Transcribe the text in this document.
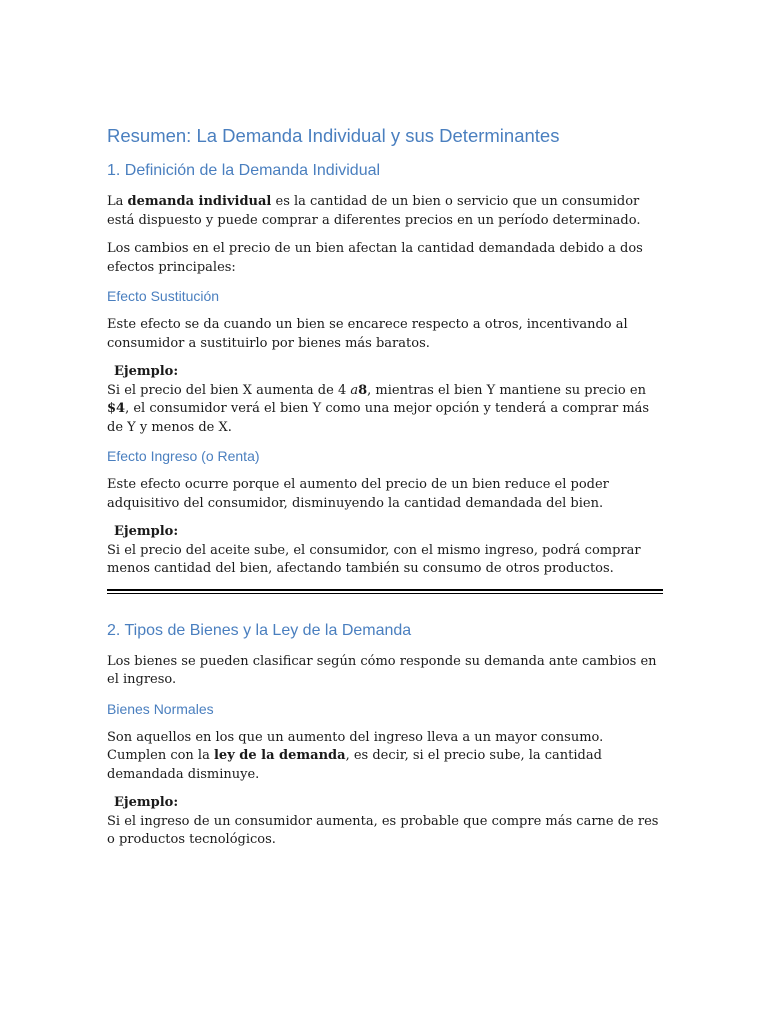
Resumen: La Demanda Individual y sus Determinantes
1. Definición de la Demanda Individual

La demanda individual es la cantidad de un bien o servicio que un consumidor está dispuesto y puede comprar a diferentes precios en un período determinado.

Los cambios en el precio de un bien afectan la cantidad demandada debido a dos efectos principales:

Efecto Sustitución

Este efecto se da cuando un bien se encarece respecto a otros, incentivando al consumidor a sustituirlo por bienes más baratos.

Ejemplo:
Si el precio del bien X aumenta de 4 a8, mientras el bien Y mantiene su precio en $4, el consumidor verá el bien Y como una mejor opción y tenderá a comprar más de Y y menos de X.

Efecto Ingreso (o Renta)

Este efecto ocurre porque el aumento del precio de un bien reduce el poder adquisitivo del consumidor, disminuyendo la cantidad demandada del bien.

Ejemplo:
Si el precio del aceite sube, el consumidor, con el mismo ingreso, podrá comprar menos cantidad del bien, afectando también su consumo de otros productos.

2. Tipos de Bienes y la Ley de la Demanda

Los bienes se pueden clasificar según cómo responde su demanda ante cambios en el ingreso.

Bienes Normales

Son aquellos en los que un aumento del ingreso lleva a un mayor consumo. Cumplen con la ley de la demanda, es decir, si el precio sube, la cantidad demandada disminuye.

Ejemplo:
Si el ingreso de un consumidor aumenta, es probable que compre más carne de res o productos tecnológicos.
